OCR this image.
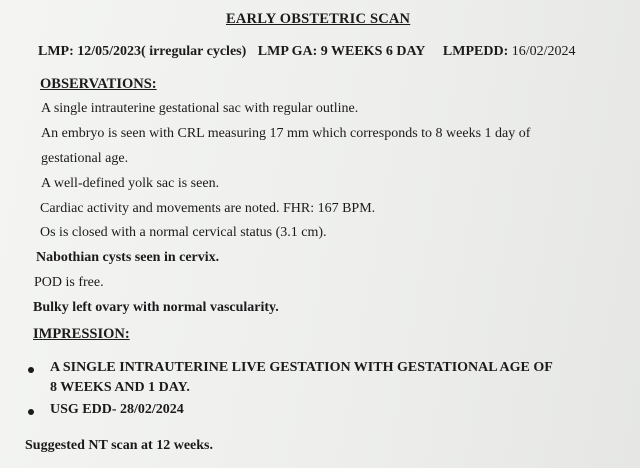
EARLY OBSTETRIC SCAN
LMP: 12/05/2023( irregular cycles) LMP GA: 9 WEEKS 6 DAY LMPEDD: 16/02/2024
OBSERVATIONS:
A single intrauterine gestational sac with regular outline.
An embryo is seen with CRL measuring 17 mm which corresponds to 8 weeks 1 day of
gestational age.
A well-defined yolk sac is seen.
Cardiac activity and movements are noted. FHR: 167 BPM.
Os is closed with a normal cervical status (3.1 cm).
Nabothian cysts seen in cervix.
POD is free.
Bulky left ovary with normal vascularity.
IMPRESSION:
A SINGLE INTRAUTERINE LIVE GESTATION WITH GESTATIONAL AGE OF
8 WEEKS AND 1 DAY.
USG EDD- 28/02/2024
Suggested NT scan at 12 weeks.
